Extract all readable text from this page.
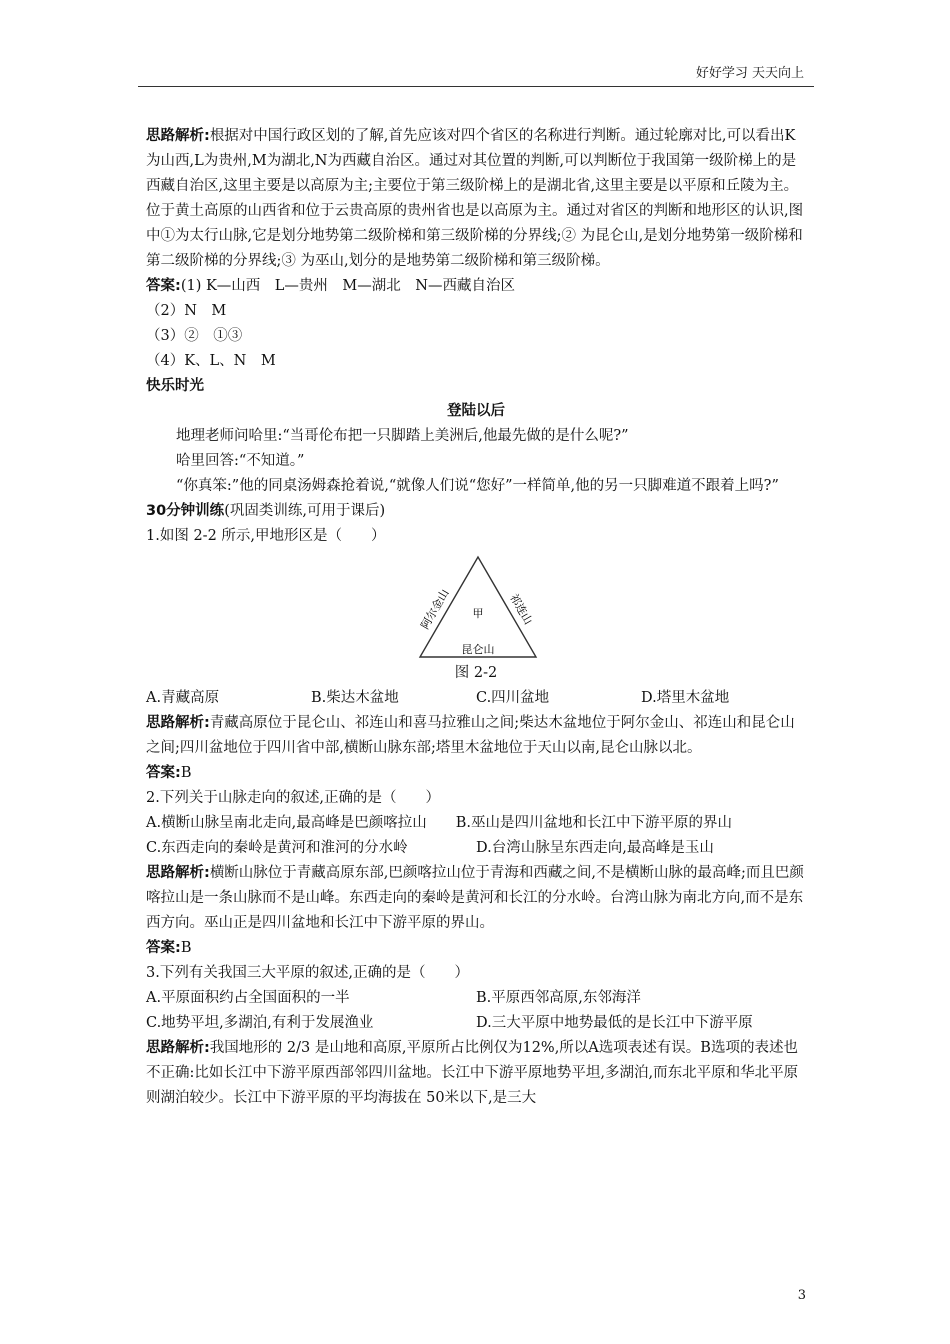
好好学习 天天向上

思路解析:根据对中国行政区划的了解,首先应该对四个省区的名称进行判断。通过轮廓对比,可以看出K为山西,L为贵州,M为湖北,N为西藏自治区。通过对其位置的判断,可以判断位于我国第一级阶梯上的是西藏自治区,这里主要是以高原为主;主要位于第三级阶梯上的是湖北省,这里主要是以平原和丘陵为主。位于黄土高原的山西省和位于云贵高原的贵州省也是以高原为主。通过对省区的判断和地形区的认识,图中①为太行山脉,它是划分地势第二级阶梯和第三级阶梯的分界线;② 为昆仑山,是划分地势第一级阶梯和第二级阶梯的分界线;③ 为巫山,划分的是地势第二级阶梯和第三级阶梯。

答案:(1) K—山西　L—贵州　M—湖北　N—西藏自治区

（2）N　M

（3）②　①③

（4）K、L、N　M

快乐时光

登陆以后

地理老师问哈里:“当哥伦布把一只脚踏上美洲后,他最先做的是什么呢?”

哈里回答:“不知道。”

“你真笨:”他的同桌汤姆森抢着说,“就像人们说“您好”一样简单,他的另一只脚难道不跟着上吗?”

30分钟训练(巩固类训练,可用于课后)

1.如图 2-2 所示,甲地形区是（　　）

阿尔金山	祁连山
甲
昆仑山

图 2-2

A.青藏高原	B.柴达木盆地	C.四川盆地	D.塔里木盆地

思路解析:青藏高原位于昆仑山、祁连山和喜马拉雅山之间;柴达木盆地位于阿尔金山、祁连山和昆仑山之间;四川盆地位于四川省中部,横断山脉东部;塔里木盆地位于天山以南,昆仑山脉以北。

答案:B

2.下列关于山脉走向的叙述,正确的是（　　）

A.横断山脉呈南北走向,最高峰是巴颜喀拉山　　B.巫山是四川盆地和长江中下游平原的界山

C.东西走向的秦岭是黄河和淮河的分水岭	D.台湾山脉呈东西走向,最高峰是玉山

思路解析:横断山脉位于青藏高原东部,巴颜喀拉山位于青海和西藏之间,不是横断山脉的最高峰;而且巴颜喀拉山是一条山脉而不是山峰。东西走向的秦岭是黄河和长江的分水岭。台湾山脉为南北方向,而不是东西方向。巫山正是四川盆地和长江中下游平原的界山。

答案:B

3.下列有关我国三大平原的叙述,正确的是（　　）

A.平原面积约占全国面积的一半	B.平原西邻高原,东邻海洋
C.地势平坦,多湖泊,有利于发展渔业	D.三大平原中地势最低的是长江中下游平原

思路解析:我国地形的 2/3 是山地和高原,平原所占比例仅为12%,所以A选项表述有误。B选项的表述也不正确:比如长江中下游平原西部邻四川盆地。长江中下游平原地势平坦,多湖泊,而东北平原和华北平原则湖泊较少。长江中下游平原的平均海拔在 50米以下,是三大

3
